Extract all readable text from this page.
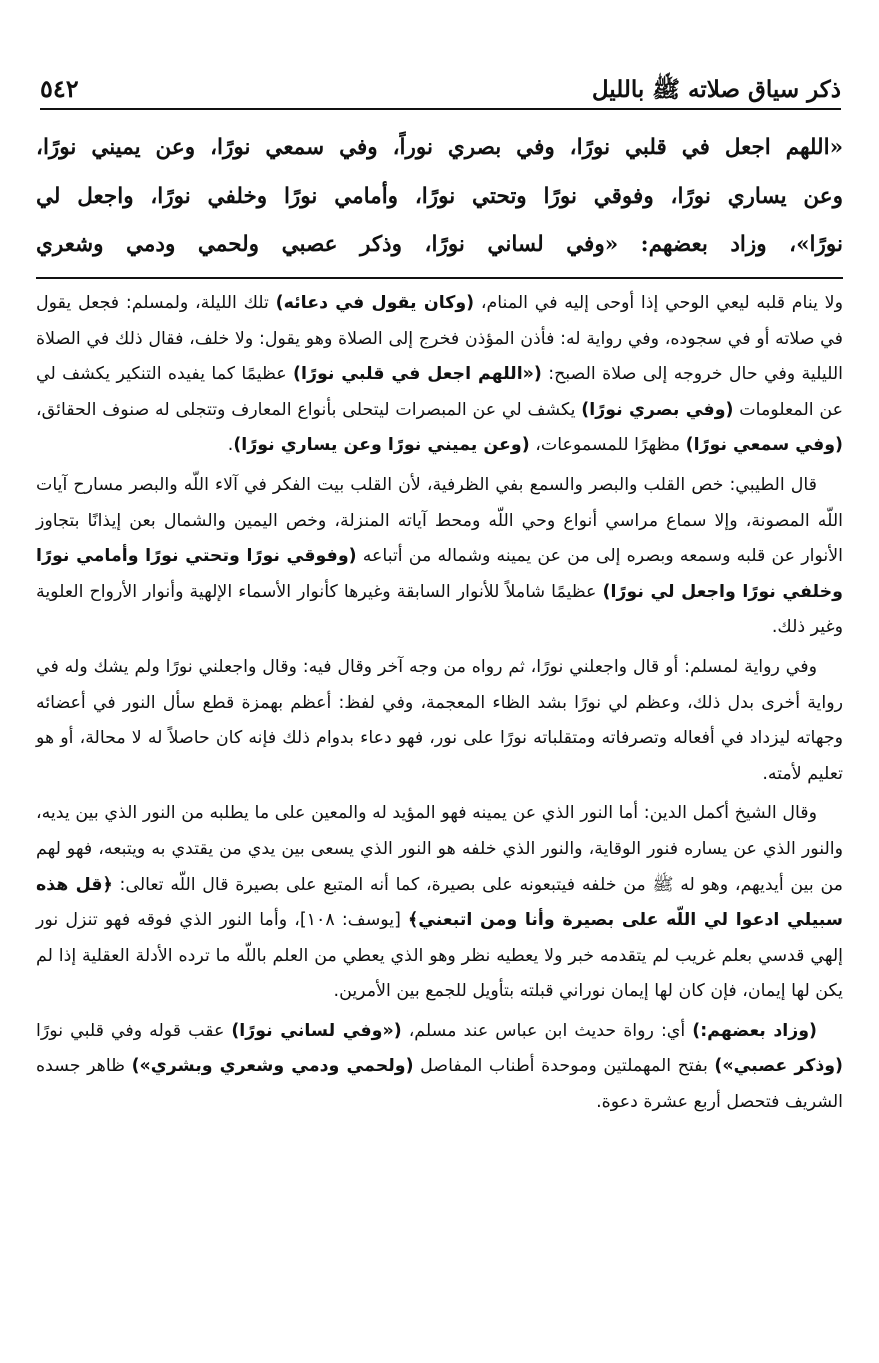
ذكر سياق صلاته ﷺ بالليل
٥٤٢

«اللهم اجعل في قلبي نورًا، وفي بصري نوراً، وفي سمعي نورًا، وعن يميني نورًا،

وعن يساري نورًا، وفوقي نورًا وتحتي نورًا، وأمامي نورًا وخلفي نورًا، واجعل لي

نورًا»، وزاد بعضهم: «وفي لساني نورًا، وذكر عصبي ولحمي ودمي وشعري

ولا ينام قلبه ليعي الوحي إذا أوحى إليه في المنام، (وكان يقول في دعائه) تلك الليلة، ولمسلم: فجعل يقول في صلاته أو في سجوده، وفي رواية له: فأذن المؤذن فخرج إلى الصلاة وهو يقول: ولا خلف، فقال ذلك في الصلاة الليلية وفي حال خروجه إلى صلاة الصبح: («اللهم اجعل في قلبي نورًا) عظيمًا كما يفيده التنكير يكشف لي عن المعلومات (وفي بصري نورًا) يكشف لي عن المبصرات ليتحلى بأنواع المعارف وتتجلى له صنوف الحقائق، (وفي سمعي نورًا) مظهرًا للمسموعات، (وعن يميني نورًا وعن يساري نورًا).

قال الطيبي: خص القلب والبصر والسمع بفي الظرفية، لأن القلب بيت الفكر في آلاء اللّه والبصر مسارح آيات اللّه المصونة، وإلا سماع مراسي أنواع وحي اللّه ومحط آياته المنزلة، وخص اليمين والشمال بعن إيذانًا بتجاوز الأنوار عن قلبه وسمعه وبصره إلى من عن يمينه وشماله من أتباعه (وفوقي نورًا وتحتي نورًا وأمامي نورًا وخلفي نورًا واجعل لي نورًا) عظيمًا شاملاً للأنوار السابقة وغيرها كأنوار الأسماء الإلهية وأنوار الأرواح العلوية وغير ذلك.

وفي رواية لمسلم: أو قال واجعلني نورًا، ثم رواه من وجه آخر وقال فيه: وقال واجعلني نورًا ولم يشك وله في رواية أخرى بدل ذلك، وعظم لي نورًا بشد الظاء المعجمة، وفي لفظ: أعظم بهمزة قطع سأل النور في أعضائه وجهاته ليزداد في أفعاله وتصرفاته ومتقلباته نورًا على نور، فهو دعاء بدوام ذلك فإنه كان حاصلاً له لا محالة، أو هو تعليم لأمته.

وقال الشيخ أكمل الدين: أما النور الذي عن يمينه فهو المؤيد له والمعين على ما يطلبه من النور الذي بين يديه، والنور الذي عن يساره فنور الوقاية، والنور الذي خلفه هو النور الذي يسعى بين يدي من يقتدي به ويتبعه، فهو لهم من بين أيديهم، وهو له ﷺ من خلفه فيتبعونه على بصيرة، كما أنه المتبع على بصيرة قال اللّه تعالى: ﴿قل هذه سبيلي ادعوا لي اللّه على بصيرة وأنا ومن اتبعني﴾ [يوسف: ١٠٨]، وأما النور الذي فوقه فهو تنزل نور إلهي قدسي بعلم غريب لم يتقدمه خبر ولا يعطيه نظر وهو الذي يعطي من العلم باللّه ما ترده الأدلة العقلية إذا لم يكن لها إيمان، فإن كان لها إيمان نوراني قبلته بتأويل للجمع بين الأمرين.

(وزاد بعضهم:) أي: رواة حديث ابن عباس عند مسلم، («وفي لساني نورًا) عقب قوله وفي قلبي نورًا (وذكر عصبي») بفتح المهملتين وموحدة أطناب المفاصل (ولحمي ودمي وشعري وبشري») ظاهر جسده الشريف فتحصل أربع عشرة دعوة.
